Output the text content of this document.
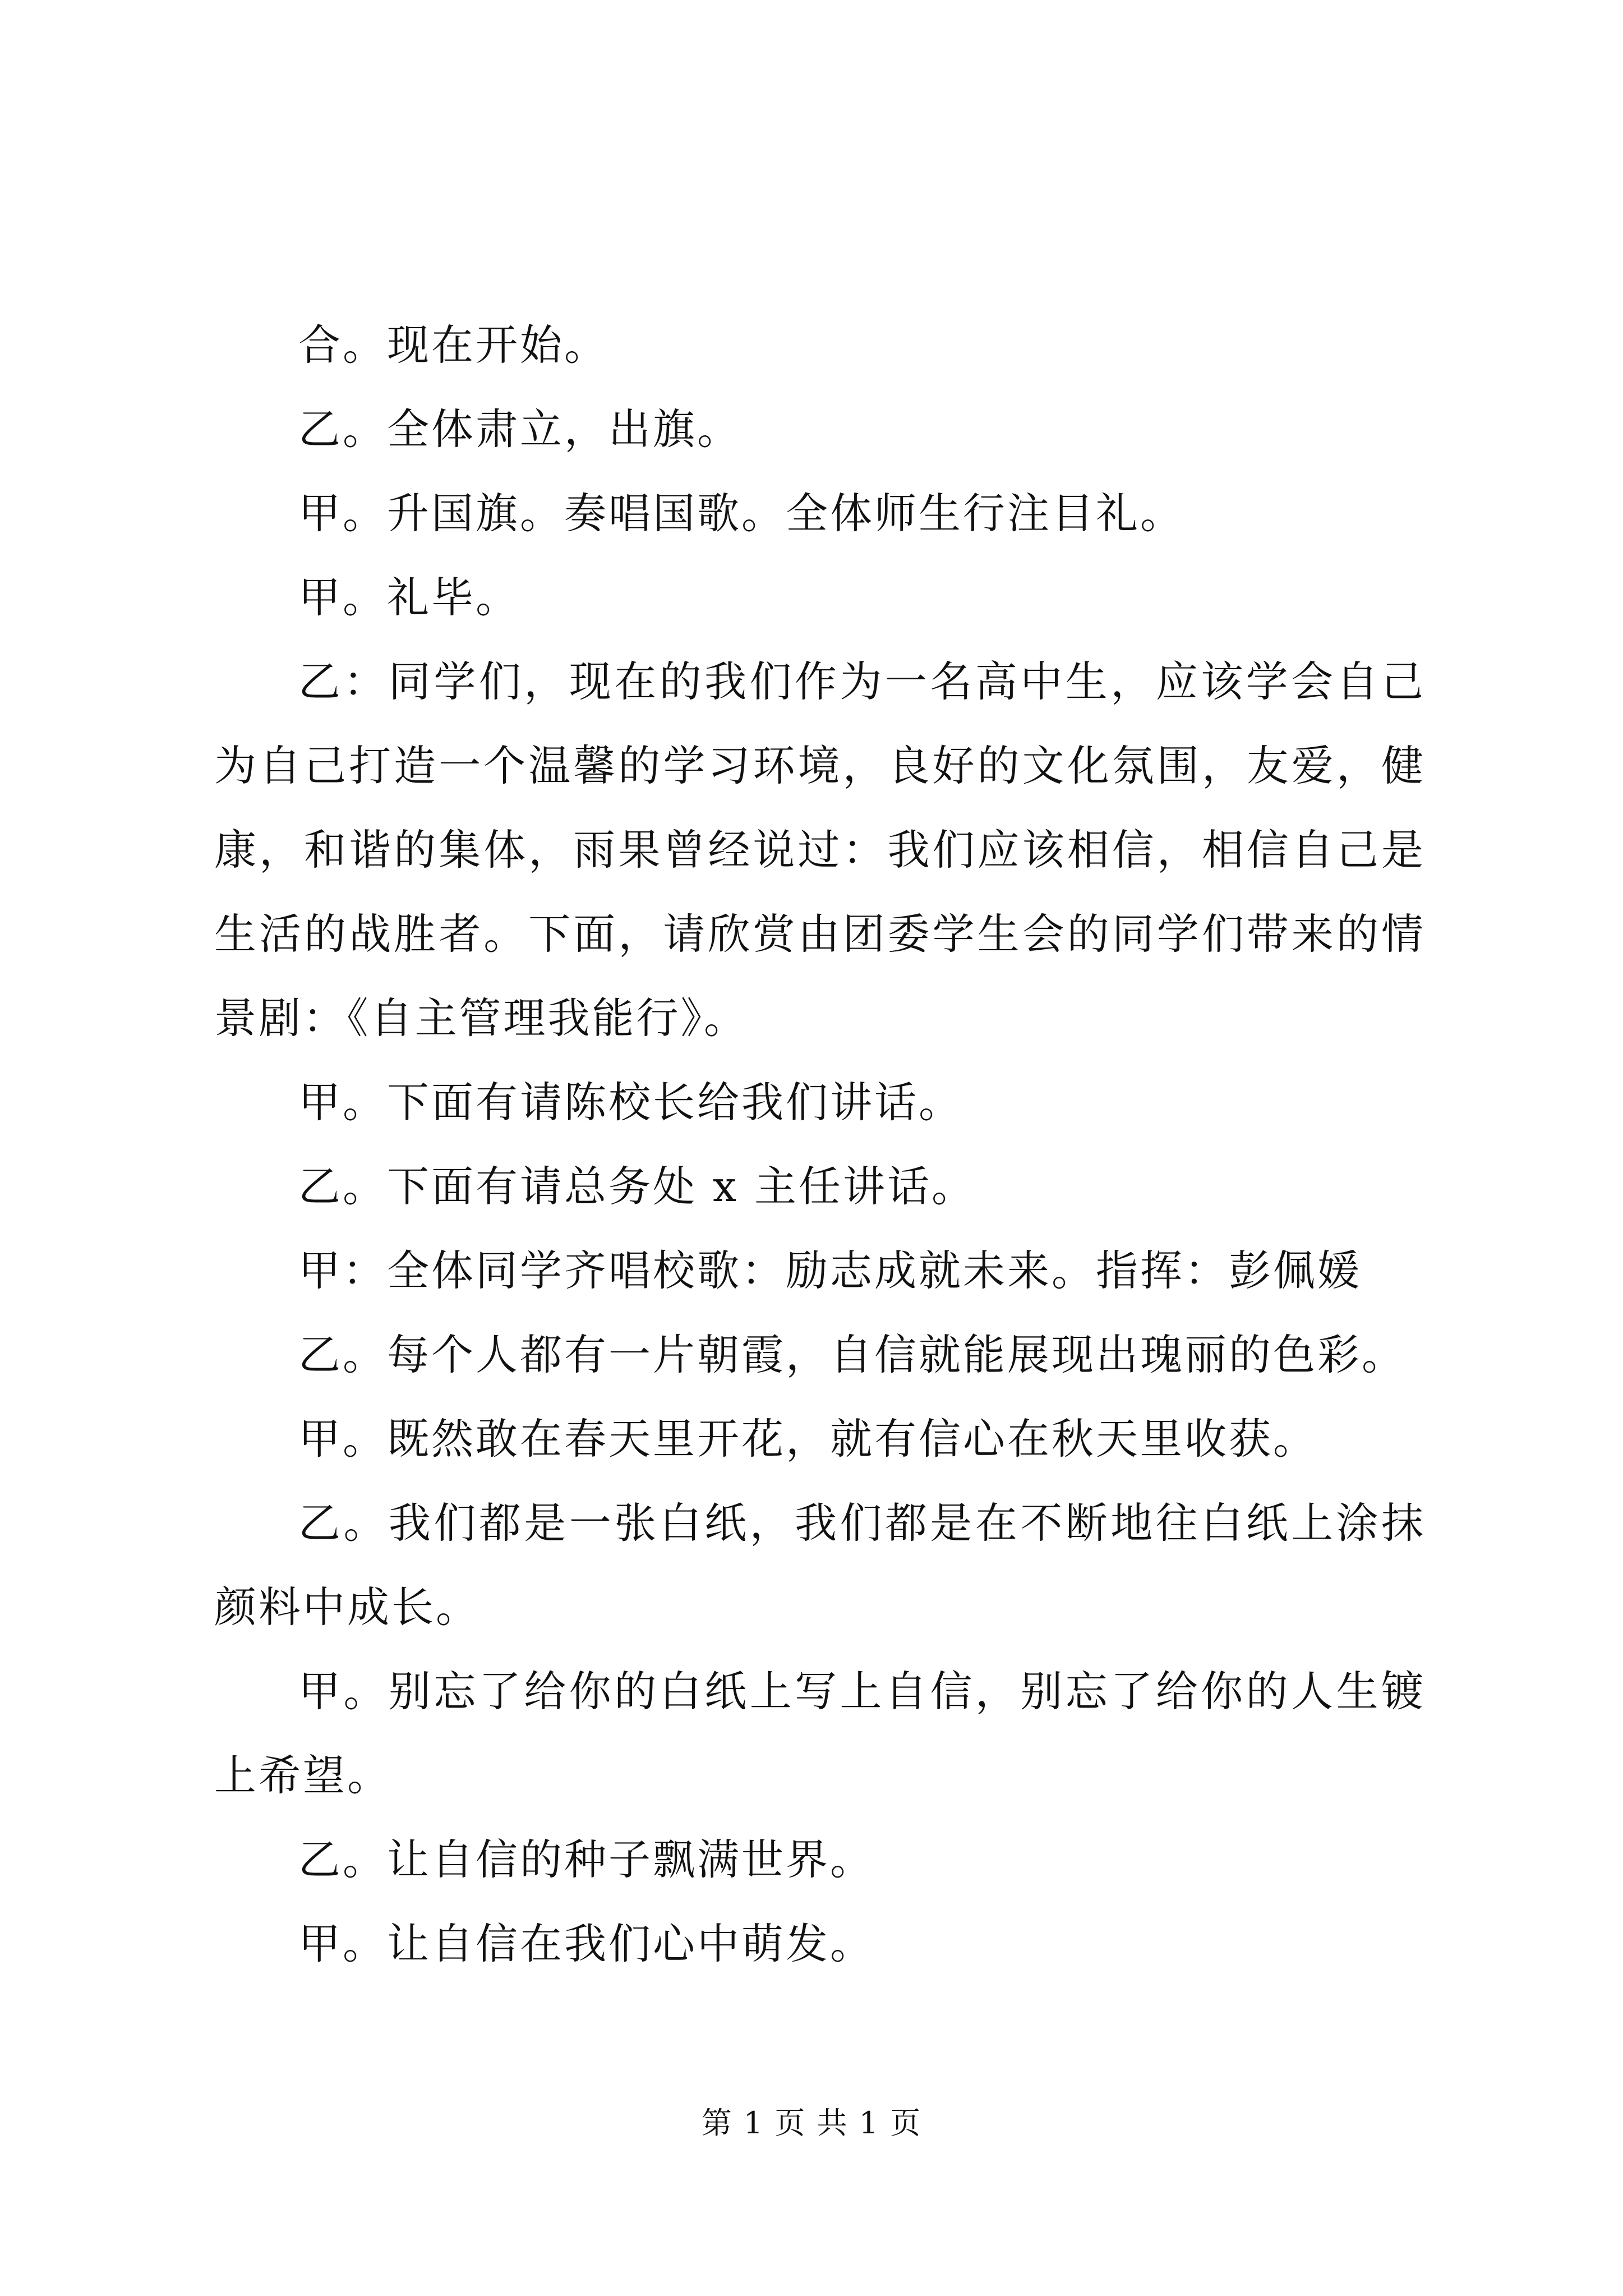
合。现在开始。

乙。全体肃立，出旗。

甲。升国旗。奏唱国歌。全体师生行注目礼。

甲。礼毕。

乙：同学们，现在的我们作为一名高中生，应该学会自己为自己打造一个温馨的学习环境，良好的文化氛围，友爱，健康，和谐的集体，雨果曾经说过：我们应该相信，相信自己是生活的战胜者。下面，请欣赏由团委学生会的同学们带来的情景剧：《自主管理我能行》。

甲。下面有请陈校长给我们讲话。

乙。下面有请总务处 x 主任讲话。

甲：全体同学齐唱校歌：励志成就未来。指挥：彭佩媛

乙。每个人都有一片朝霞，自信就能展现出瑰丽的色彩。

甲。既然敢在春天里开花，就有信心在秋天里收获。

乙。我们都是一张白纸，我们都是在不断地往白纸上涂抹颜料中成长。

甲。别忘了给你的白纸上写上自信，别忘了给你的人生镀上希望。

乙。让自信的种子飘满世界。

甲。让自信在我们心中萌发。

第 1 页 共 1 页
